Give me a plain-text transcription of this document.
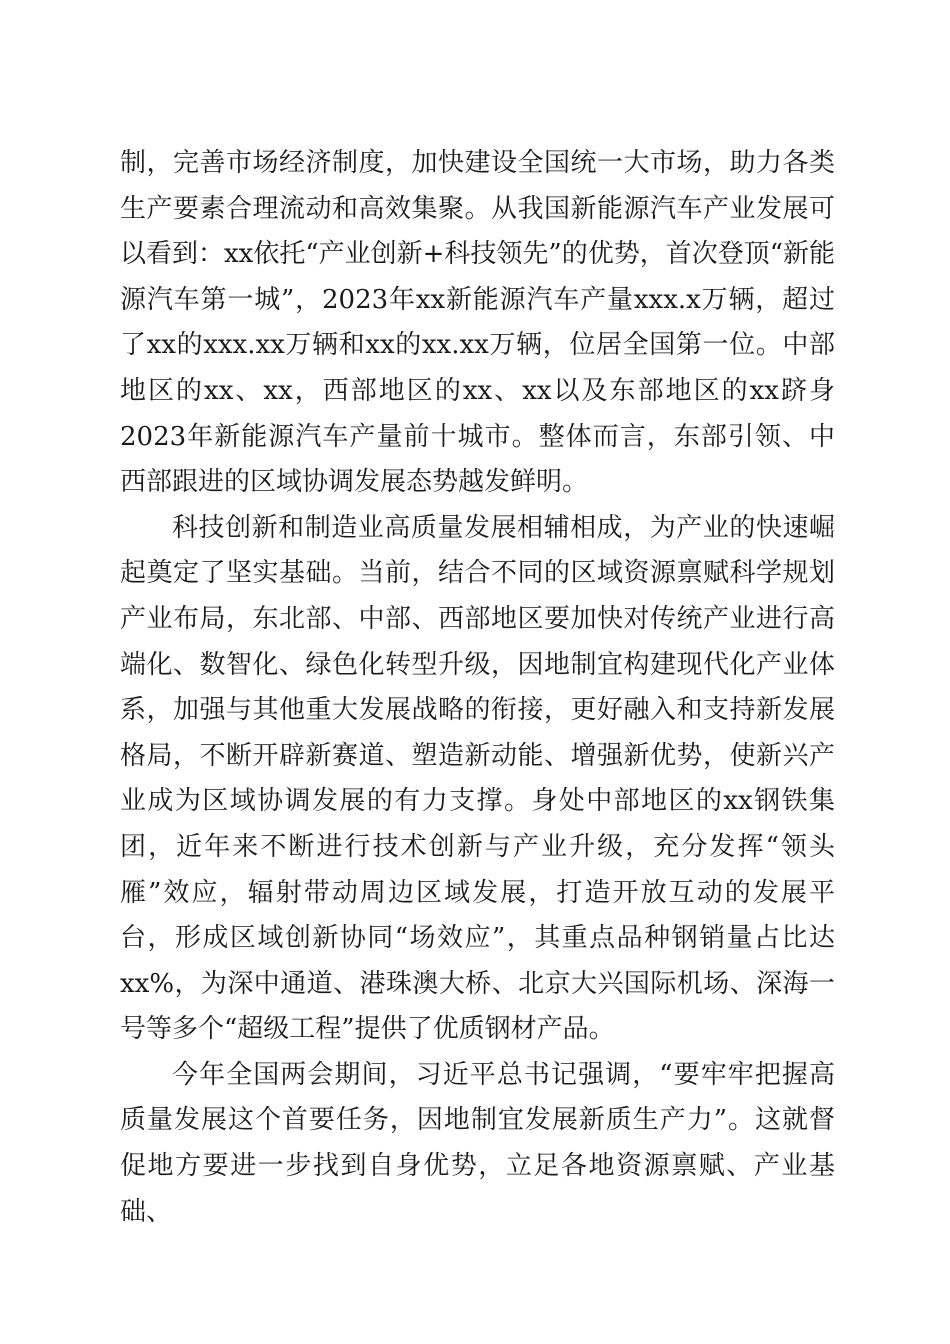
制，完善市场经济制度，加快建设全国统一大市场，助力各类生产要素合理流动和高效集聚。从我国新能源汽车产业发展可以看到：xx依托“产业创新+科技领先”的优势，首次登顶“新能源汽车第一城”，2023年xx新能源汽车产量xxx.x万辆，超过了xx的xxx.xx万辆和xx的xx.xx万辆，位居全国第一位。中部地区的xx、xx，西部地区的xx、xx以及东部地区的xx跻身2023年新能源汽车产量前十城市。整体而言，东部引领、中西部跟进的区域协调发展态势越发鲜明。

科技创新和制造业高质量发展相辅相成，为产业的快速崛起奠定了坚实基础。当前，结合不同的区域资源禀赋科学规划产业布局，东北部、中部、西部地区要加快对传统产业进行高端化、数智化、绿色化转型升级，因地制宜构建现代化产业体系，加强与其他重大发展战略的衔接，更好融入和支持新发展格局，不断开辟新赛道、塑造新动能、增强新优势，使新兴产业成为区域协调发展的有力支撑。身处中部地区的xx钢铁集团，近年来不断进行技术创新与产业升级，充分发挥“领头雁”效应，辐射带动周边区域发展，打造开放互动的发展平台，形成区域创新协同“场效应”，其重点品种钢销量占比达xx%，为深中通道、港珠澳大桥、北京大兴国际机场、深海一号等多个“超级工程”提供了优质钢材产品。

今年全国两会期间，习近平总书记强调，“要牢牢把握高质量发展这个首要任务，因地制宜发展新质生产力”。这就督促地方要进一步找到自身优势，立足各地资源禀赋、产业基础、
